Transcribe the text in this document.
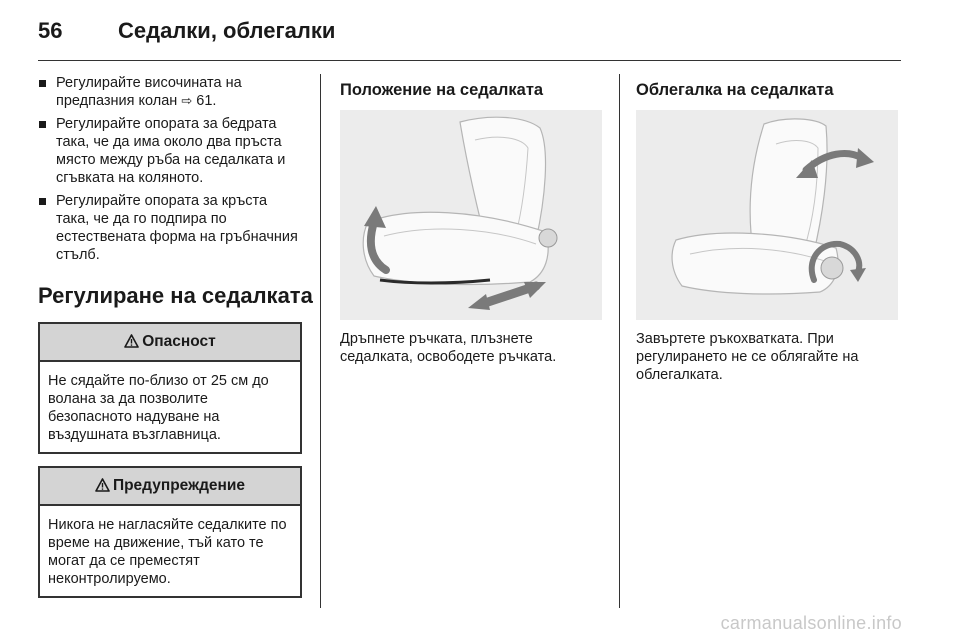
56	Седалки, облегалки
Регулирайте височината на предпазния колан ⇨ 61.
Регулирайте опората за бедрата така, че да има около два пръста място между ръба на седалката и сгъвката на коляното.
Регулирайте опората за кръста така, че да го подпира по естествената форма на гръбначния стълб.
Регулиране на седалката
Опасност
Не сядайте по-близо от 25 см до волана за да позволите безопасното надуване на въздушната възглавница.
Предупреждение
Никога не нагласяйте седалките по време на движение, тъй като те могат да се преместят неконтролируемо.
Положение на седалката
Дръпнете ръчката, плъзнете седалката, освободете ръчката.
Облегалка на седалката
Завъртете ръкохватката. При регулирането не се облягайте на облегалката.
carmanualsonline.info
